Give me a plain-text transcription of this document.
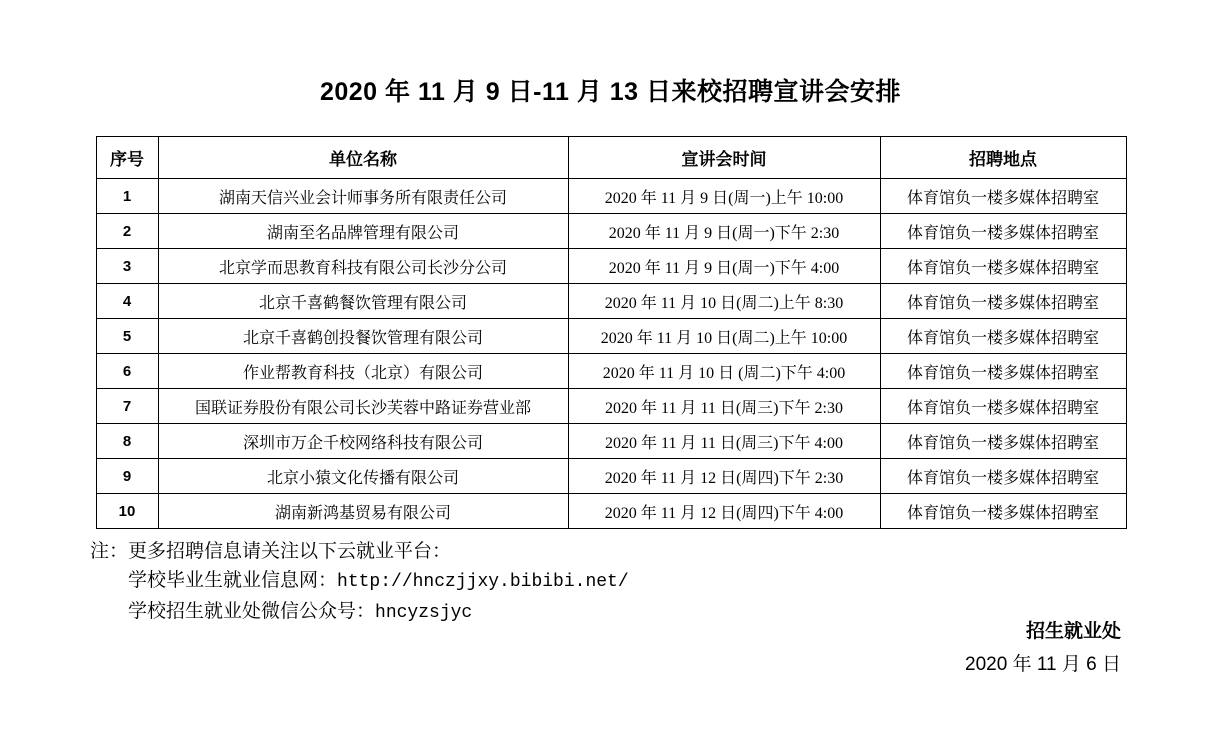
2020 年 11 月 9 日-11 月 13 日来校招聘宣讲会安排
序号	单位名称	宣讲会时间	招聘地点
1	湖南天信兴业会计师事务所有限责任公司	2020 年 11 月 9 日(周一)上午 10:00	体育馆负一楼多媒体招聘室
2	湖南至名品牌管理有限公司	2020 年 11 月 9 日(周一)下午 2:30	体育馆负一楼多媒体招聘室
3	北京学而思教育科技有限公司长沙分公司	2020 年 11 月 9 日(周一)下午 4:00	体育馆负一楼多媒体招聘室
4	北京千喜鹤餐饮管理有限公司	2020 年 11 月 10 日(周二)上午 8:30	体育馆负一楼多媒体招聘室
5	北京千喜鹤创投餐饮管理有限公司	2020 年 11 月 10 日(周二)上午 10:00	体育馆负一楼多媒体招聘室
6	作业帮教育科技（北京）有限公司	2020 年 11 月 10 日 (周二)下午 4:00	体育馆负一楼多媒体招聘室
7	国联证券股份有限公司长沙芙蓉中路证券营业部	2020 年 11 月 11 日(周三)下午 2:30	体育馆负一楼多媒体招聘室
8	深圳市万企千校网络科技有限公司	2020 年 11 月 11 日(周三)下午 4:00	体育馆负一楼多媒体招聘室
9	北京小猿文化传播有限公司	2020 年 11 月 12 日(周四)下午 2:30	体育馆负一楼多媒体招聘室
10	湖南新鸿基贸易有限公司	2020 年 11 月 12 日(周四)下午 4:00	体育馆负一楼多媒体招聘室
注：更多招聘信息请关注以下云就业平台：
学校毕业生就业信息网：http://hnczjjxy.bibibi.net/
学校招生就业处微信公众号：hncyzsjyc
招生就业处
2020 年 11 月 6 日
